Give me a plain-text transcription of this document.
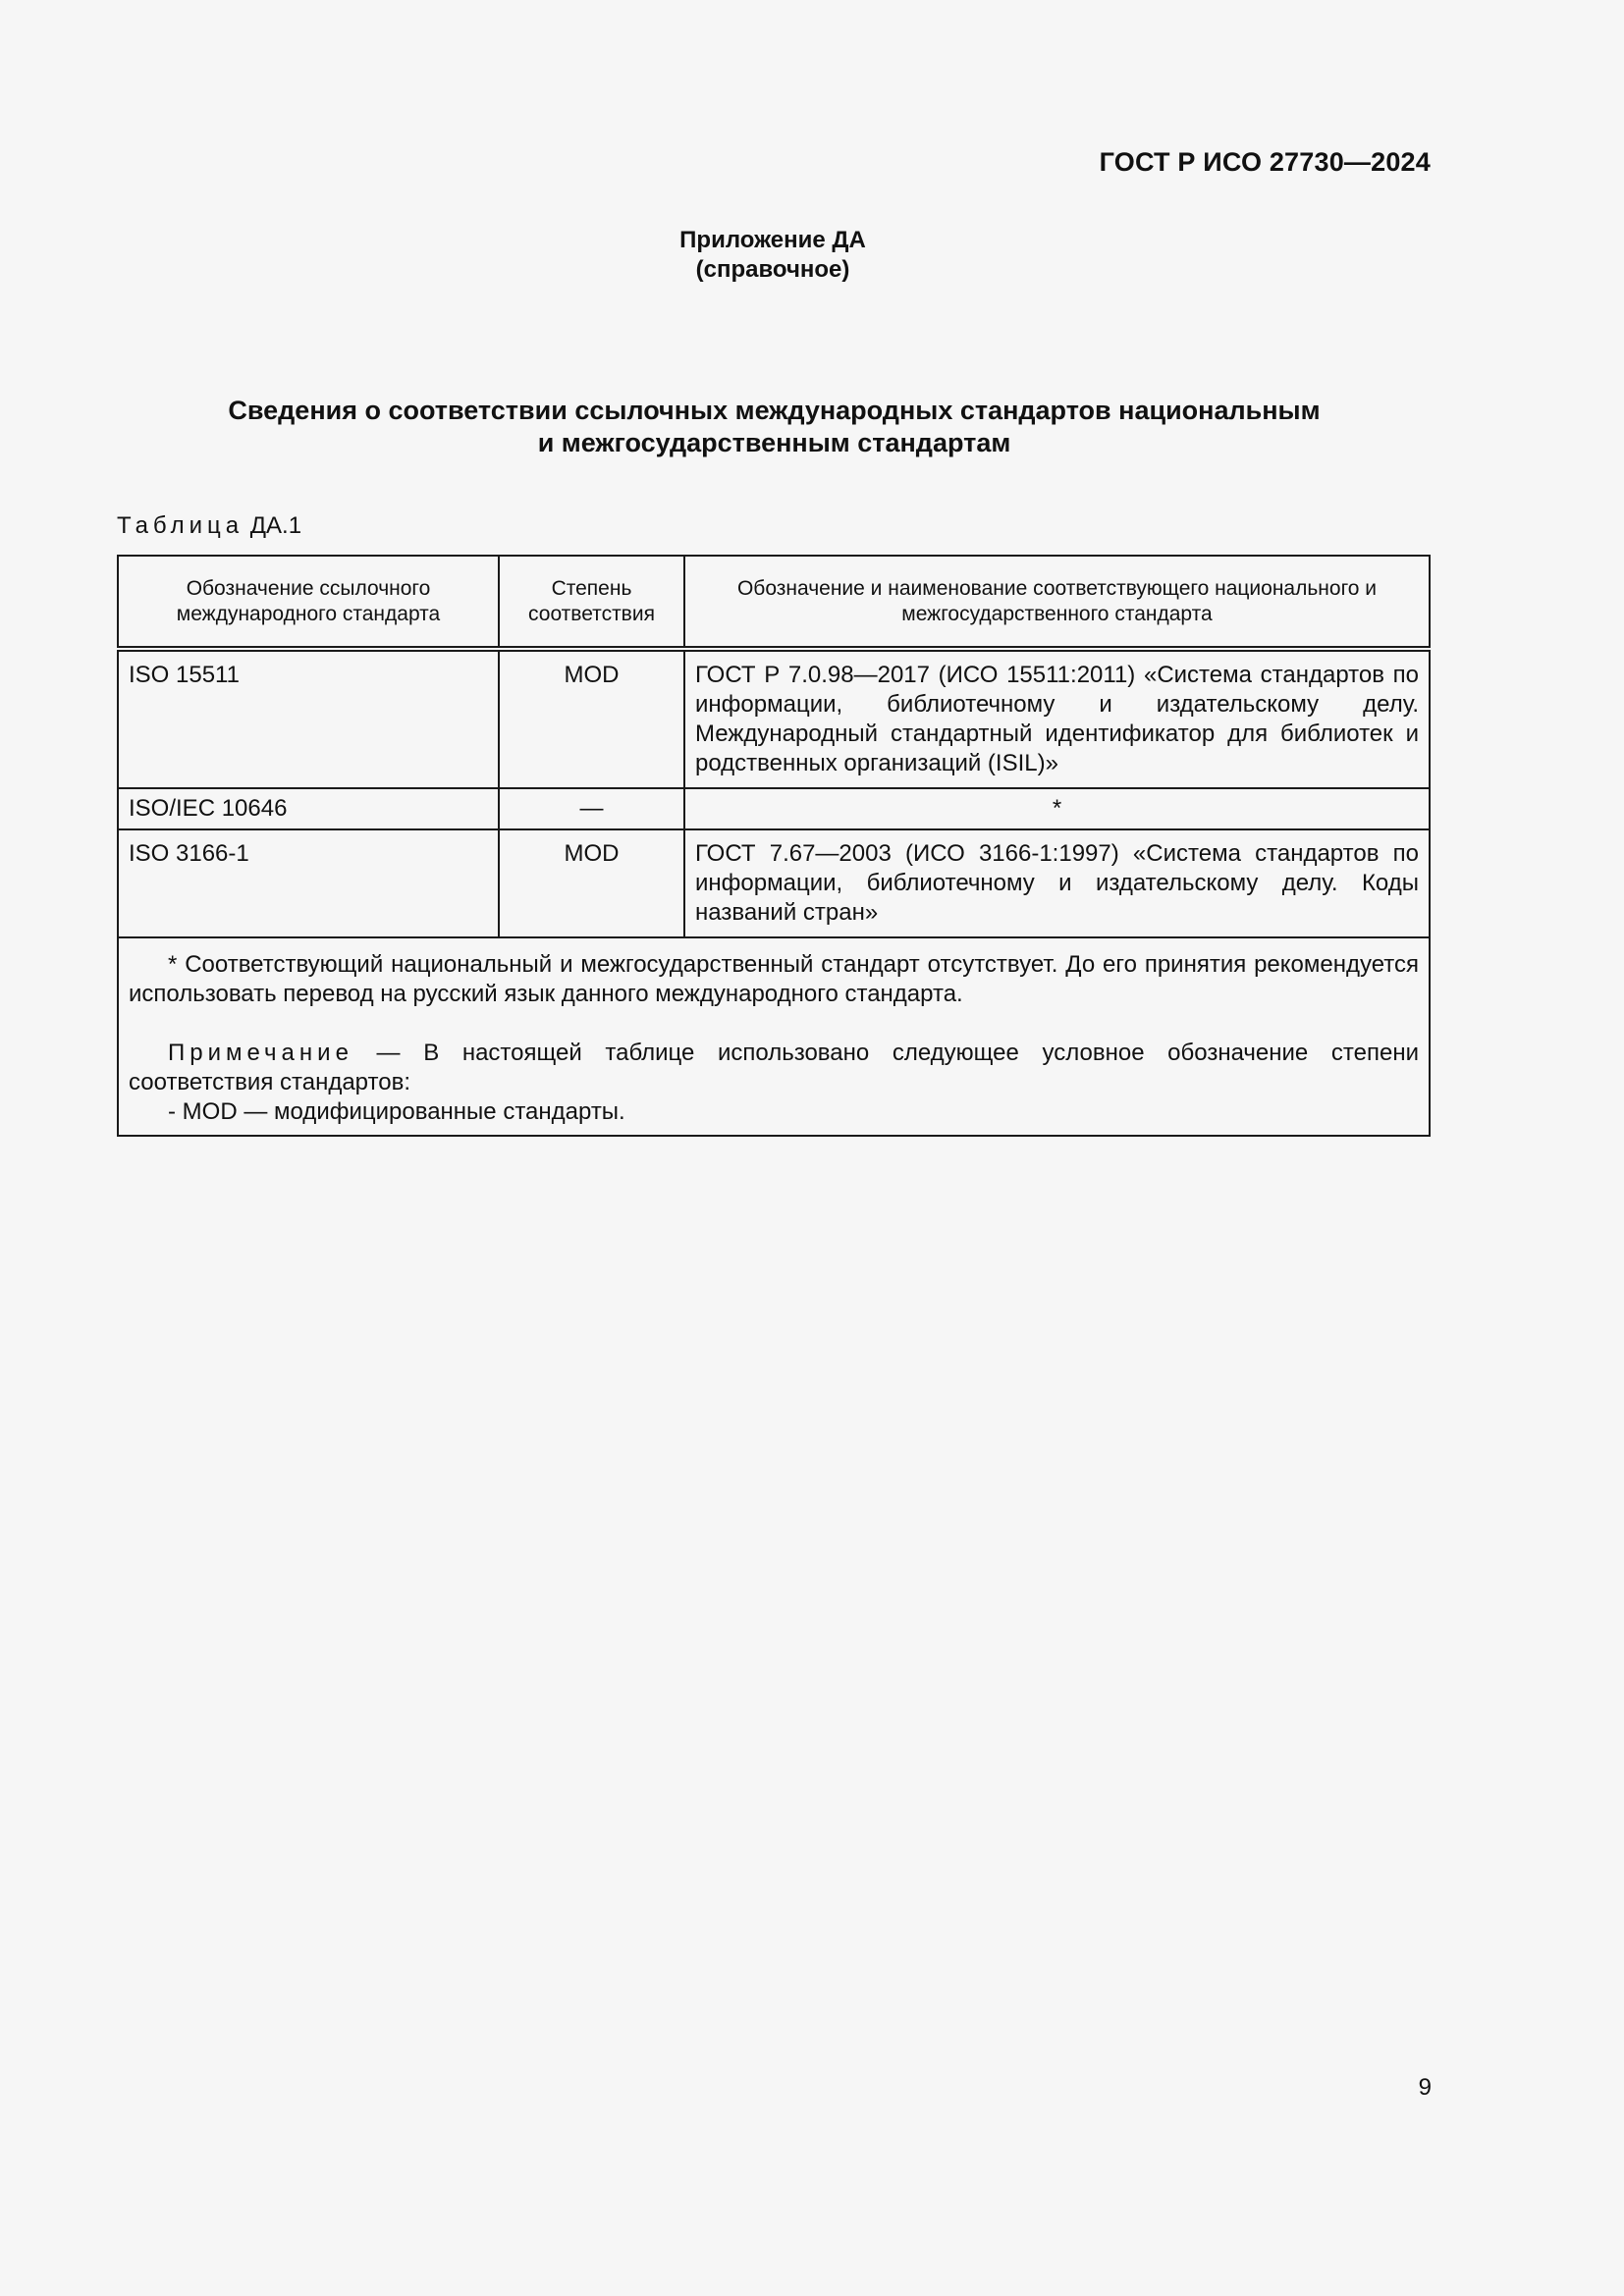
ГОСТ Р ИСО 27730—2024
Приложение ДА
(справочное)
Сведения о соответствии ссылочных международных стандартов национальным
и межгосударственным стандартам
Таблица ДА.1
Обозначение ссылочного международного стандарта	Степень соответствия	Обозначение и наименование соответствующего национального и межгосударственного стандарта
ISO 15511	MOD	ГОСТ Р 7.0.98—2017 (ИСО 15511:2011) «Система стандартов по информации, библиотечному и издательскому делу. Международный стандартный идентификатор для библиотек и родственных организаций (ISIL)»
ISO/IEC 10646	—	*
ISO 3166-1	MOD	ГОСТ 7.67—2003 (ИСО 3166-1:1997) «Система стандартов по информации, библиотечному и издательскому делу. Коды названий стран»

* Соответствующий национальный и межгосударственный стандарт отсутствует. До его принятия рекомендуется использовать перевод на русский язык данного международного стандарта.

Примечание — В настоящей таблице использовано следующее условное обозначение степени соответствия стандартов:

- MOD — модифицированные стандарты.		

9
